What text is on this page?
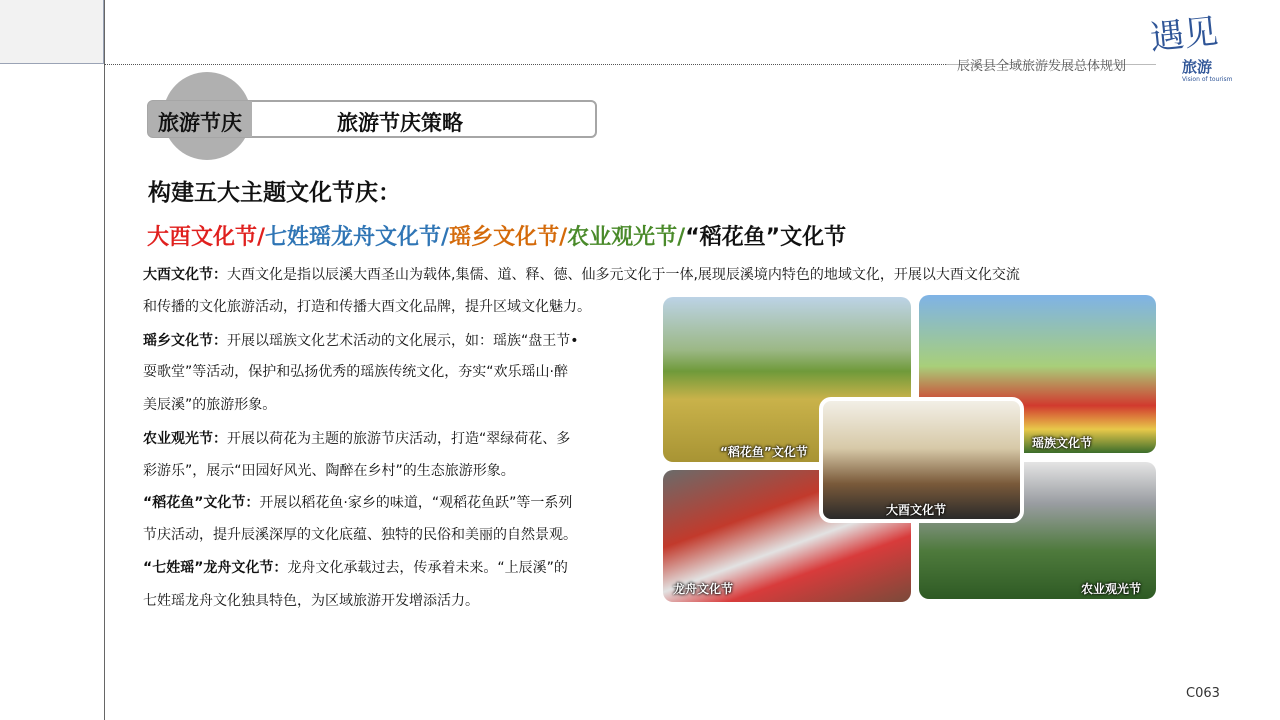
辰溪县全域旅游发展总体规划
遇见
旅游
Vision of tourism
旅游节庆	旅游节庆策略
构建五大主题文化节庆：
大酉文化节/七姓瑶龙舟文化节/瑶乡文化节/农业观光节/“稻花鱼”文化节
大酉文化节：大酉文化是指以辰溪大酉圣山为载体,集儒、道、释、德、仙多元文化于一体,展现辰溪境内特色的地域文化，开展以大酉文化交流
和传播的文化旅游活动，打造和传播大酉文化品牌，提升区域文化魅力。
瑶乡文化节：开展以瑶族文化艺术活动的文化展示，如：瑶族“盘王节•
耍歌堂”等活动，保护和弘扬优秀的瑶族传统文化，夯实“欢乐瑶山·醉
美辰溪”的旅游形象。
农业观光节：开展以荷花为主题的旅游节庆活动，打造“翠绿荷花、多
彩游乐”，展示“田园好风光、陶醉在乡村”的生态旅游形象。
“稻花鱼”文化节：开展以稻花鱼·家乡的味道，“观稻花鱼跃”等一系列
节庆活动，提升辰溪深厚的文化底蕴、独特的民俗和美丽的自然景观。
“七姓瑶”龙舟文化节：龙舟文化承载过去，传承着未来。“上辰溪”的
七姓瑶龙舟文化独具特色，为区域旅游开发增添活力。
“稻花鱼”文化节
瑶族文化节
龙舟文化节	农业观光节
大酉文化节
C063
